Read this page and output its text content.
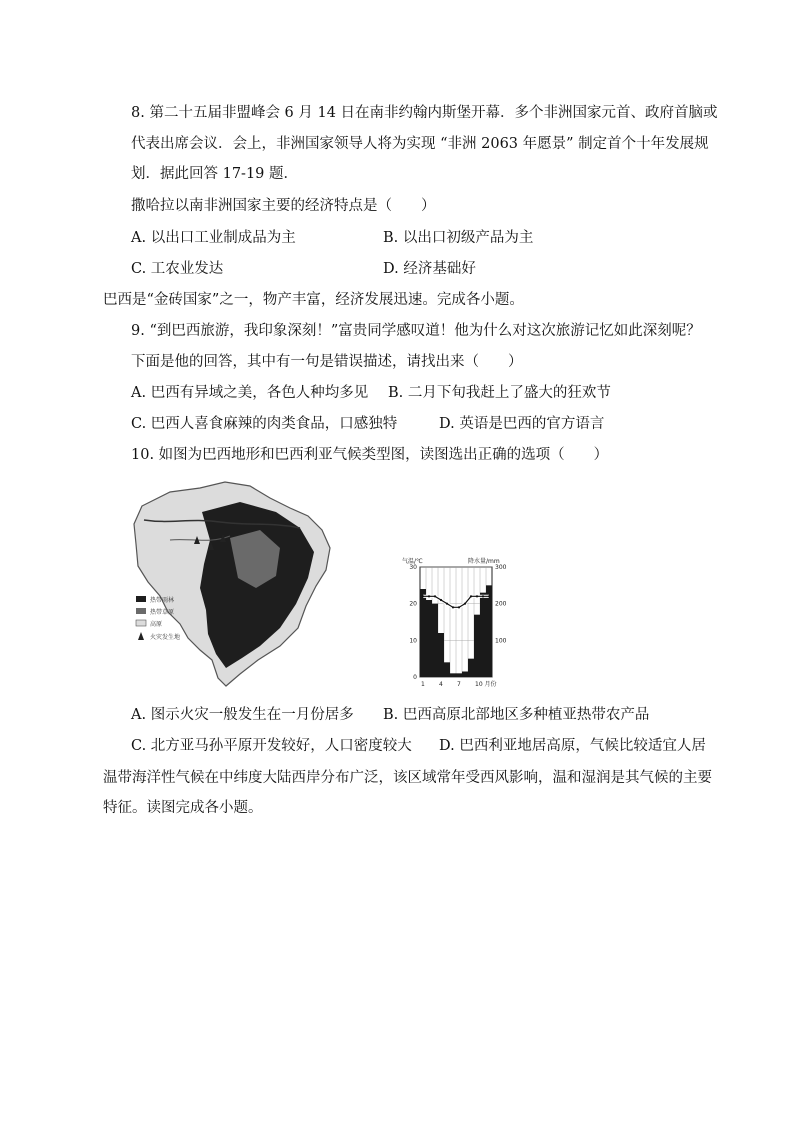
8. 第二十五届非盟峰会 6 月 14 日在南非约翰内斯堡开幕．多个非洲国家元首、政府首脑或
代表出席会议．会上，非洲国家领导人将为实现 “非洲 2063 年愿景” 制定首个十年发展规
划．据此回答 17-19 题．
撒哈拉以南非洲国家主要的经济特点是（　　）
A. 以出口工业制成品为主	B. 以出口初级产品为主
C. 工农业发达	D. 经济基础好
巴西是“金砖国家”之一，物产丰富，经济发展迅速。完成各小题。
9. “到巴西旅游，我印象深刻！”富贵同学感叹道！他为什么对这次旅游记忆如此深刻呢？
下面是他的回答，其中有一句是错误描述，请找出来（　　）
A. 巴西有异域之美，各色人种均多见 B. 二月下旬我赶上了盛大的狂欢节
C. 巴西人喜食麻辣的肉类食品，口感独特	D. 英语是巴西的官方语言
10. 如图为巴西地形和巴西利亚气候类型图，读图选出正确的选项（　　）
热带雨林
热带草原
高原
火灾发生地
气温/℃	降水量/mm
0
10
20
30
100
200
300
1 4 7 10 月份
A. 图示火灾一般发生在一月份居多 B. 巴西高原北部地区多种植亚热带农产品
C. 北方亚马孙平原开发较好，人口密度较大 D. 巴西利亚地居高原，气候比较适宜人居
温带海洋性气候在中纬度大陆西岸分布广泛，该区域常年受西风影响，温和湿润是其气候的主要
特征。读图完成各小题。
